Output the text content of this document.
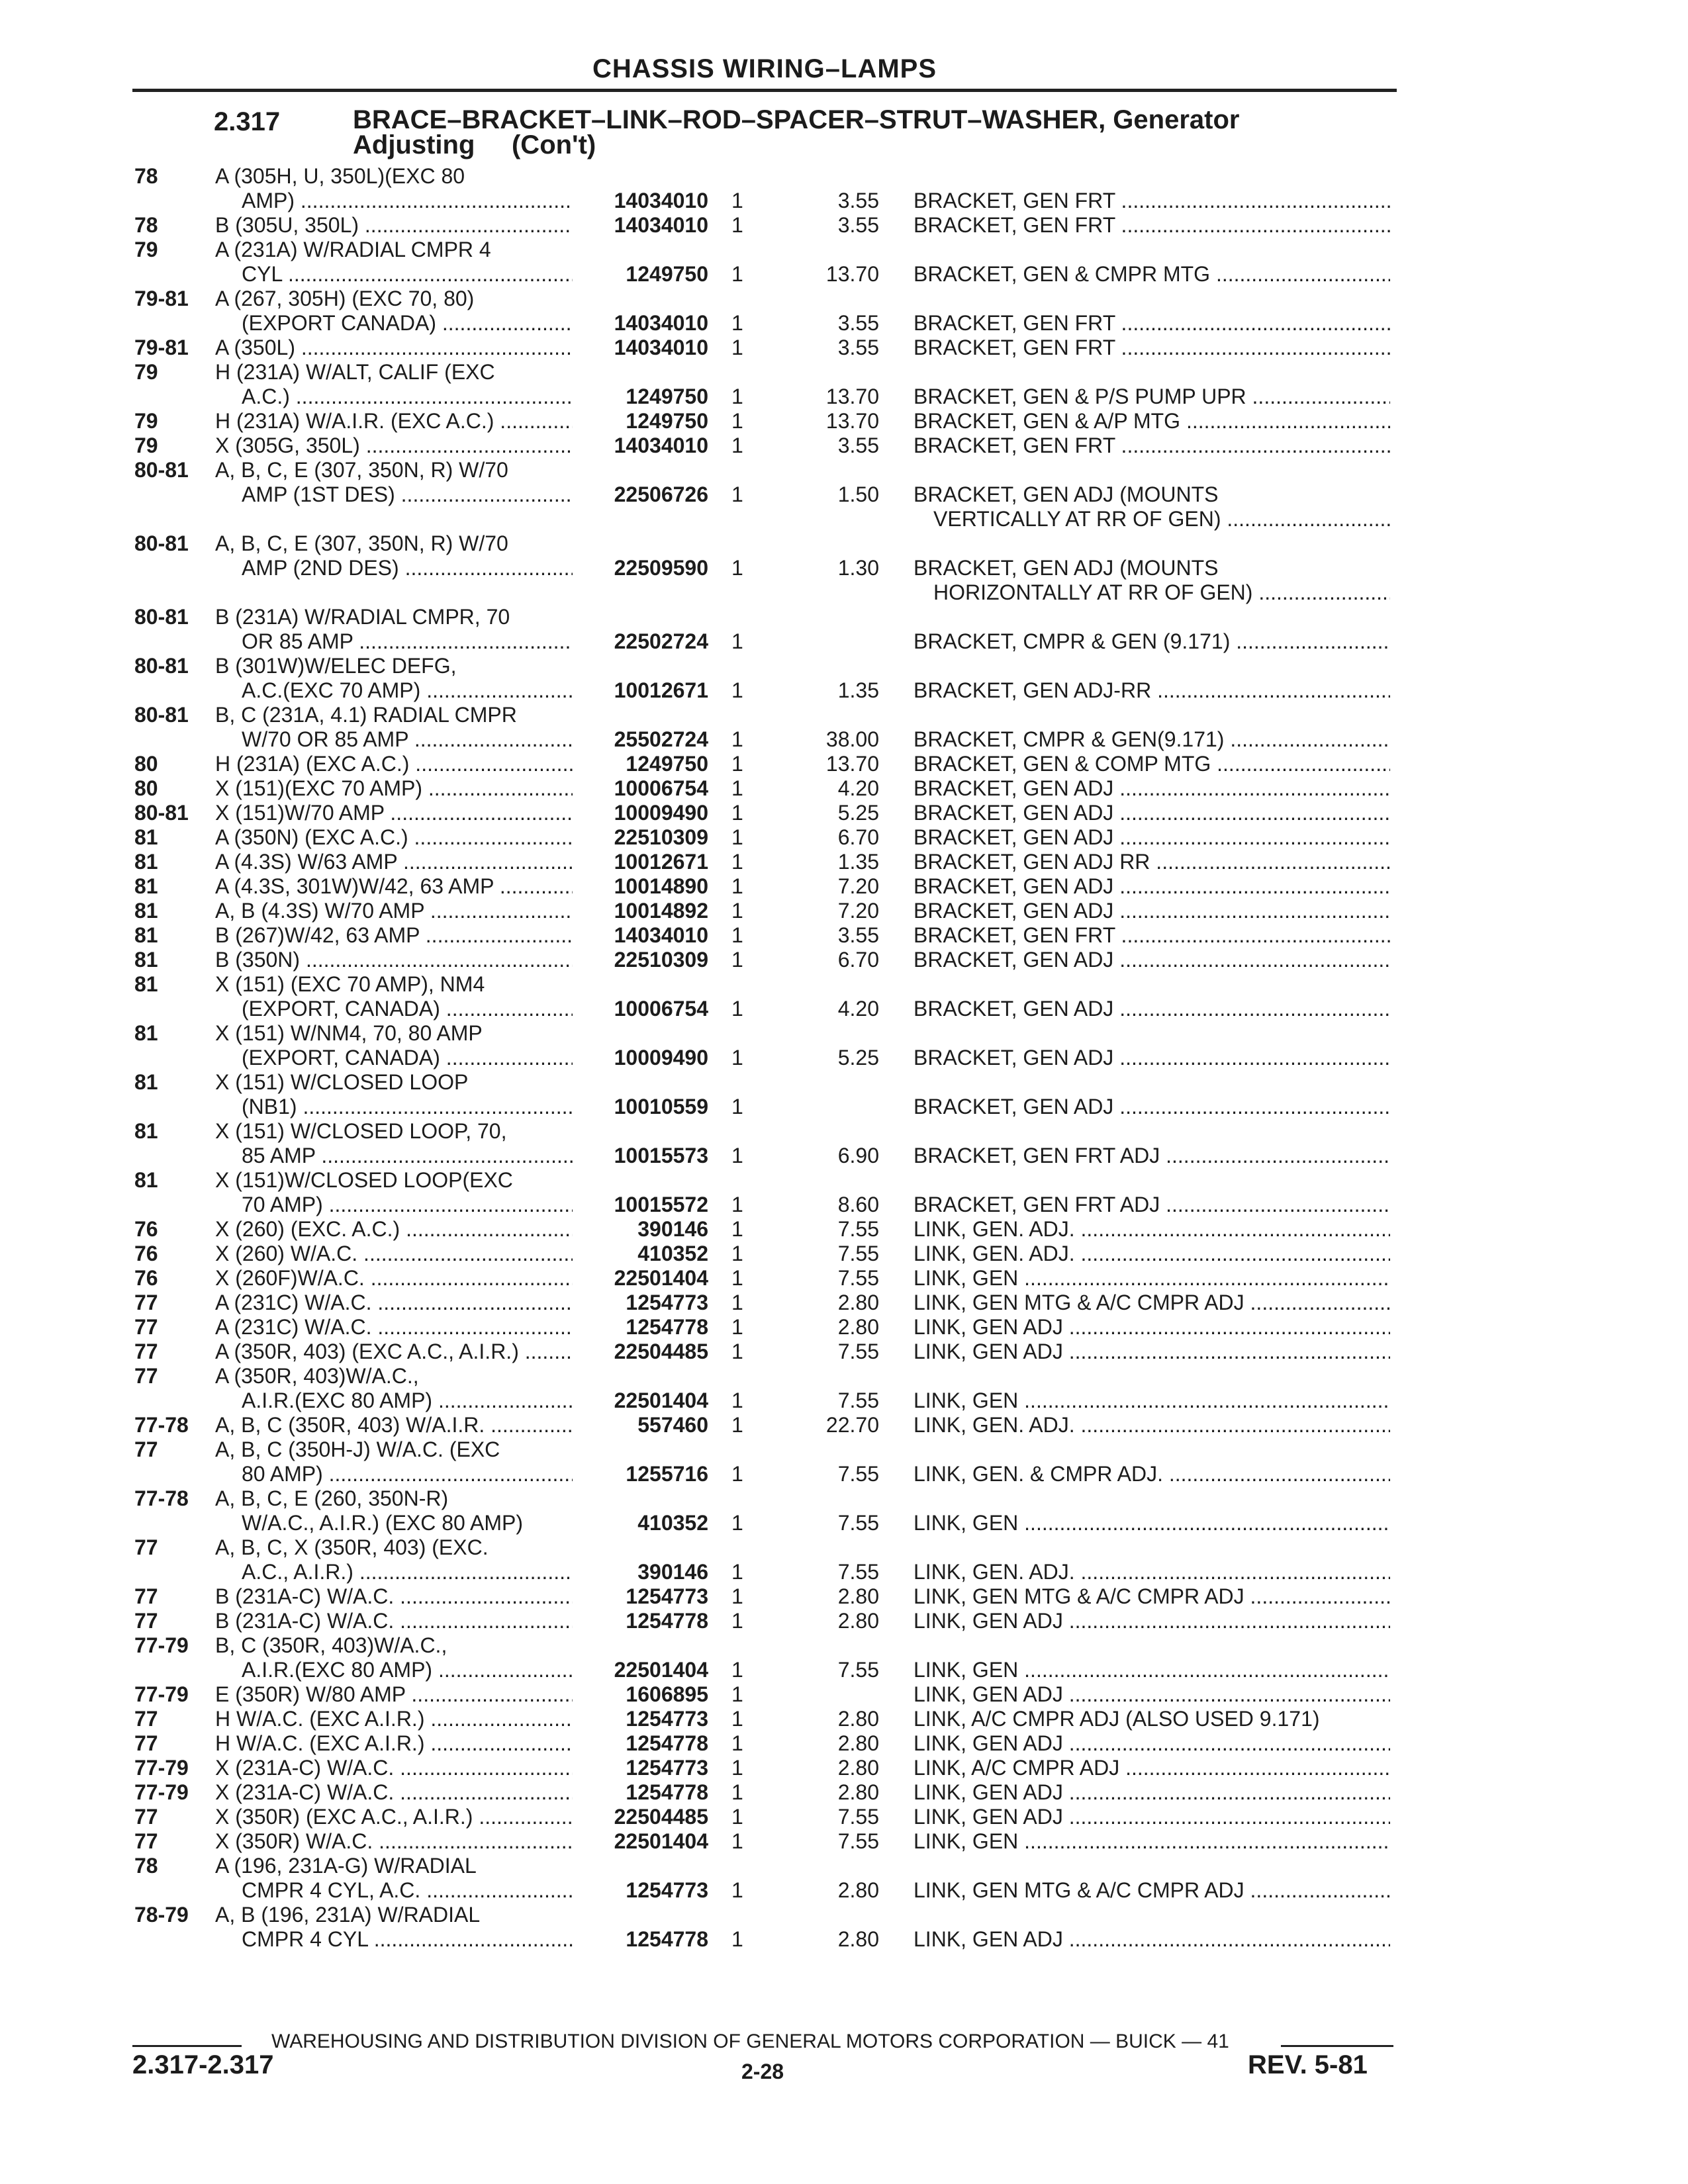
CHASSIS WIRING–LAMPS
2.317	BRACE–BRACKET–LINK–ROD–SPACER–STRUT–WASHER, Generator
Adjusting     (Con't)
78	A (305H, U, 350L)(EXC 80
AMP) .....	14034010 1	3.55 BRACKET, GEN FRT .....
78	B (305U, 350L) .....	14034010 1	3.55 BRACKET, GEN FRT .....
79	A (231A) W/RADIAL CMPR 4
CYL .....	1249750 1	13.70 BRACKET, GEN & CMPR MTG .....
79-81	A (267, 305H) (EXC 70, 80)
(EXPORT CANADA) .....	14034010 1	3.55 BRACKET, GEN FRT .....
79-81	A (350L) .....	14034010 1	3.55 BRACKET, GEN FRT .....
79	H (231A) W/ALT, CALIF (EXC
A.C.) .....	1249750 1	13.70 BRACKET, GEN & P/S PUMP UPR .....
79	H (231A) W/A.I.R. (EXC A.C.) .....	1249750 1	13.70 BRACKET, GEN & A/P MTG .....
79	X (305G, 350L) .....	14034010 1	3.55 BRACKET, GEN FRT .....
80-81	A, B, C, E (307, 350N, R) W/70
AMP (1ST DES) .....	22506726 1	1.50 BRACKET, GEN ADJ (MOUNTS
VERTICALLY AT RR OF GEN) .....
80-81	A, B, C, E (307, 350N, R) W/70
AMP (2ND DES) .....	22509590 1	1.30 BRACKET, GEN ADJ (MOUNTS
HORIZONTALLY AT RR OF GEN) .....
80-81	B (231A) W/RADIAL CMPR, 70
OR 85 AMP .....	22502724 1	BRACKET, CMPR & GEN (9.171) .....
80-81	B (301W)W/ELEC DEFG,
A.C.(EXC 70 AMP) .....	10012671 1	1.35 BRACKET, GEN ADJ-RR .....
80-81	B, C (231A, 4.1) RADIAL CMPR
W/70 OR 85 AMP .....	25502724 1	38.00 BRACKET, CMPR & GEN(9.171) .....
80	H (231A) (EXC A.C.) .....	1249750 1	13.70 BRACKET, GEN & COMP MTG .....
80	X (151)(EXC 70 AMP) .....	10006754 1	4.20 BRACKET, GEN ADJ .....
80-81	X (151)W/70 AMP .....	10009490 1	5.25 BRACKET, GEN ADJ .....
81	A (350N) (EXC A.C.) .....	22510309 1	6.70 BRACKET, GEN ADJ .....
81	A (4.3S) W/63 AMP .....	10012671 1	1.35 BRACKET, GEN ADJ RR .....
81	A (4.3S, 301W)W/42, 63 AMP .....	10014890 1	7.20 BRACKET, GEN ADJ .....
81	A, B (4.3S) W/70 AMP .....	10014892 1	7.20 BRACKET, GEN ADJ .....
81	B (267)W/42, 63 AMP .....	14034010 1	3.55 BRACKET, GEN FRT .....
81	B (350N) .....	22510309 1	6.70 BRACKET, GEN ADJ .....
81	X (151) (EXC 70 AMP), NM4
(EXPORT, CANADA) .....	10006754 1	4.20 BRACKET, GEN ADJ .....
81	X (151) W/NM4, 70, 80 AMP
(EXPORT, CANADA) .....	10009490 1	5.25 BRACKET, GEN ADJ .....
81	X (151) W/CLOSED LOOP
(NB1) .....	10010559 1	BRACKET, GEN ADJ .....
81	X (151) W/CLOSED LOOP, 70,
85 AMP .....	10015573 1	6.90 BRACKET, GEN FRT ADJ .....
81	X (151)W/CLOSED LOOP(EXC
70 AMP) .....	10015572 1	8.60 BRACKET, GEN FRT ADJ .....
76	X (260) (EXC. A.C.) .....	390146 1	7.55 LINK, GEN. ADJ. .....
76	X (260) W/A.C. .....	410352 1	7.55 LINK, GEN. ADJ. .....
76	X (260F)W/A.C. .....	22501404 1	7.55 LINK, GEN .....
77	A (231C) W/A.C. .....	1254773 1	2.80 LINK, GEN MTG & A/C CMPR ADJ .....
77	A (231C) W/A.C. .....	1254778 1	2.80 LINK, GEN ADJ .....
77	A (350R, 403) (EXC A.C., A.I.R.) .....	22504485 1	7.55 LINK, GEN ADJ .....
77	A (350R, 403)W/A.C.,
A.I.R.(EXC 80 AMP) .....	22501404 1	7.55 LINK, GEN .....
77-78	A, B, C (350R, 403) W/A.I.R. .....	557460 1	22.70 LINK, GEN. ADJ. .....
77	A, B, C (350H-J) W/A.C. (EXC
80 AMP) .....	1255716 1	7.55 LINK, GEN. & CMPR ADJ. .....
77-78	A, B, C, E (260, 350N-R)
W/A.C., A.I.R.) (EXC 80 AMP)	410352 1	7.55 LINK, GEN .....
77	A, B, C, X (350R, 403) (EXC.
A.C., A.I.R.) .....	390146 1	7.55 LINK, GEN. ADJ. .....
77	B (231A-C) W/A.C. .....	1254773 1	2.80 LINK, GEN MTG & A/C CMPR ADJ .....
77	B (231A-C) W/A.C. .....	1254778 1	2.80 LINK, GEN ADJ .....
77-79	B, C (350R, 403)W/A.C.,
A.I.R.(EXC 80 AMP) .....	22501404 1	7.55 LINK, GEN .....
77-79	E (350R) W/80 AMP .....	1606895 1	LINK, GEN ADJ .....
77	H W/A.C. (EXC A.I.R.) .....	1254773 1	2.80 LINK, A/C CMPR ADJ (ALSO USED 9.171)
77	H W/A.C. (EXC A.I.R.) .....	1254778 1	2.80 LINK, GEN ADJ .....
77-79	X (231A-C) W/A.C. .....	1254773 1	2.80 LINK, A/C CMPR ADJ .....
77-79	X (231A-C) W/A.C. .....	1254778 1	2.80 LINK, GEN ADJ .....
77	X (350R) (EXC A.C., A.I.R.) .....	22504485 1	7.55 LINK, GEN ADJ .....
77	X (350R) W/A.C. .....	22501404 1	7.55 LINK, GEN .....
78	A (196, 231A-G) W/RADIAL
CMPR 4 CYL, A.C. .....	1254773 1	2.80 LINK, GEN MTG & A/C CMPR ADJ .....
78-79	A, B (196, 231A) W/RADIAL
CMPR 4 CYL .....	1254778 1	2.80 LINK, GEN ADJ .....
WAREHOUSING AND DISTRIBUTION DIVISION OF GENERAL MOTORS CORPORATION — BUICK — 41
2.317-2.317	2-28	REV. 5-81
